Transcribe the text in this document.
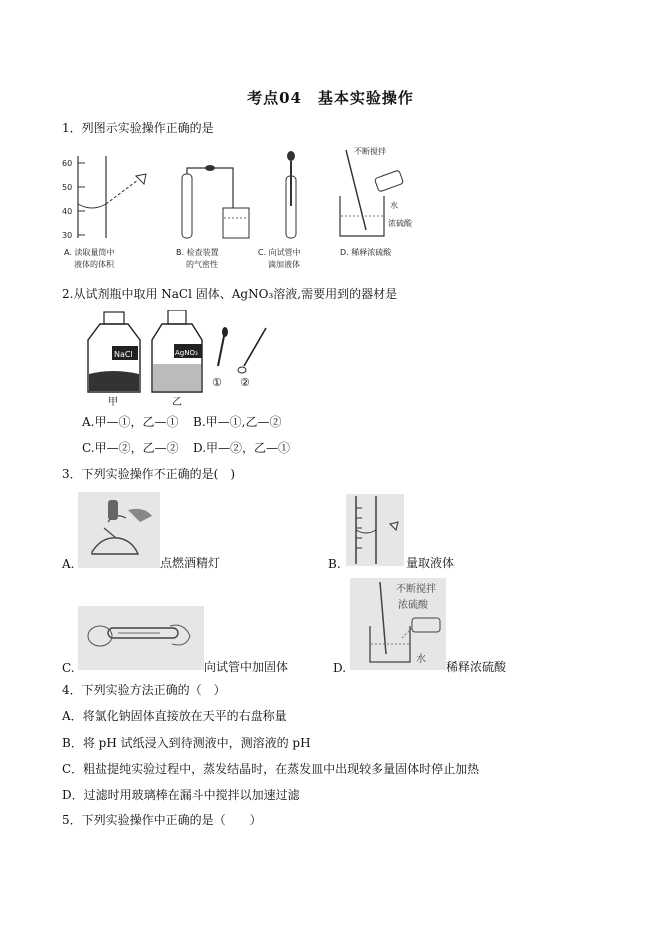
考点04　基本实验操作
1．列图示实验操作正确的是
60
50
40
30
A. 读取量筒中
液体的体积
B. 检查装置
的气密性
C. 向试管中
滴加液体
不断搅拌
水
浓硫酸
D. 稀释浓硫酸
2.从试剂瓶中取用 NaCl 固体、AgNO₃溶液,需要用到的器材是
NaCl
甲
AgNO₃
乙
① ②
A.甲—①，乙—① B.甲—①,乙—②
C.甲—②，乙—② D.甲—②，乙—①
3．下列实验操作不正确的是(　)
A.	点燃酒精灯	B.	量取液体
C.	向试管中加固体	D.
不断搅拌
浓硫酸
水
稀释浓硫酸
4．下列实验方法正确的（　）
A．将氯化钠固体直接放在天平的右盘称量
B．将 pH 试纸浸入到待测液中，测溶液的 pH
C．粗盐提纯实验过程中，蒸发结晶时，在蒸发皿中出现较多量固体时停止加热
D．过滤时用玻璃棒在漏斗中搅拌以加速过滤
5．下列实验操作中正确的是（　　）
